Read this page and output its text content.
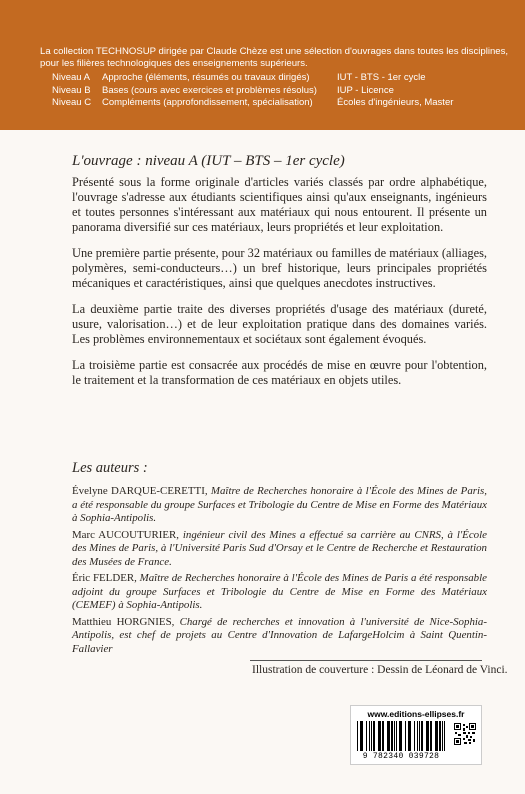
La collection TECHNOSUP dirigée par Claude Chèze est une sélection d'ouvrages dans toutes les disciplines, pour les filières technologiques des enseignements supérieurs.

Niveau A	Approche (éléments, résumés ou travaux dirigés)	IUT - BTS - 1er cycle
Niveau B	Bases (cours avec exercices et problèmes résolus)	IUP - Licence
Niveau C	Compléments (approfondissement, spécialisation)	Écoles d'ingénieurs, Master
L'ouvrage : niveau A (IUT – BTS – 1er cycle)

Présenté sous la forme originale d'articles variés classés par ordre alphabétique, l'ouvrage s'adresse aux étudiants scientifiques ainsi qu'aux enseignants, ingénieurs et toutes personnes s'intéressant aux matériaux qui nous entourent. Il présente un panorama diversifié sur ces matériaux, leurs propriétés et leur exploitation.

Une première partie présente, pour 32 matériaux ou familles de matériaux (alliages, polymères, semi-conducteurs…) un bref historique, leurs principales propriétés mécaniques et caractéristiques, ainsi que quelques anecdotes instructives.

La deuxième partie traite des diverses propriétés d'usage des matériaux (dureté, usure, valorisation…) et de leur exploitation pratique dans des domaines variés. Les problèmes environnementaux et sociétaux sont également évoqués.

La troisième partie est consacrée aux procédés de mise en œuvre pour l'obtention, le traitement et la transformation de ces matériaux en objets utiles.

Les auteurs :

Évelyne DARQUE-CERETTI, Maître de Recherches honoraire à l'École des Mines de Paris, a été responsable du groupe Surfaces et Tribologie du Centre de Mise en Forme des Matériaux à Sophia-Antipolis.

Marc AUCOUTURIER, ingénieur civil des Mines a effectué sa carrière au CNRS, à l'École des Mines de Paris, à l'Université Paris Sud d'Orsay et le Centre de Recherche et Restauration des Musées de France.

Éric FELDER, Maître de Recherches honoraire à l'École des Mines de Paris a été responsable adjoint du groupe Surfaces et Tribologie du Centre de Mise en Forme des Matériaux (CEMEF) à Sophia-Antipolis.

Matthieu HORGNIES, Chargé de recherches et innovation à l'université de Nice-Sophia-Antipolis, est chef de projets au Centre d'Innovation de LafargeHolcim à Saint Quentin-Fallavier

Illustration de couverture : Dessin de Léonard de Vinci.

www.editions-ellipses.fr
9 782340 039728
